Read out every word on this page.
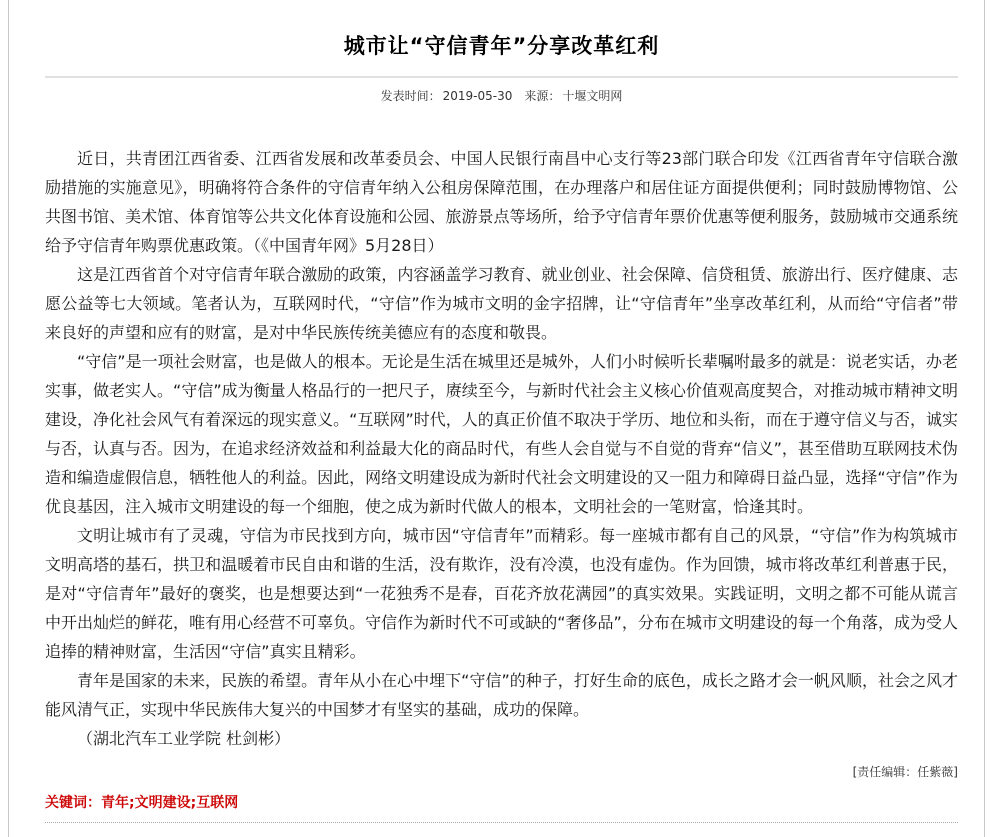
城市让“守信青年”分享改革红利
发表时间： 2019-05-30 来源： 十堰文明网

近日，共青团江西省委、江西省发展和改革委员会、中国人民银行南昌中心支行等23部门联合印发《江西省青年守信联合激励措施的实施意见》，明确将符合条件的守信青年纳入公租房保障范围，在办理落户和居住证方面提供便利；同时鼓励博物馆、公共图书馆、美术馆、体育馆等公共文化体育设施和公园、旅游景点等场所，给予守信青年票价优惠等便利服务，鼓励城市交通系统给予守信青年购票优惠政策。（《中国青年网》5月28日）

这是江西省首个对守信青年联合激励的政策，内容涵盖学习教育、就业创业、社会保障、信贷租赁、旅游出行、医疗健康、志愿公益等七大领域。笔者认为，互联网时代，“守信”作为城市文明的金字招牌，让“守信青年”坐享改革红利，从而给“守信者”带来良好的声望和应有的财富，是对中华民族传统美德应有的态度和敬畏。

“守信”是一项社会财富，也是做人的根本。无论是生活在城里还是城外，人们小时候听长辈嘱咐最多的就是：说老实话，办老实事，做老实人。“守信”成为衡量人格品行的一把尺子，赓续至今，与新时代社会主义核心价值观高度契合，对推动城市精神文明建设，净化社会风气有着深远的现实意义。“互联网”时代，人的真正价值不取决于学历、地位和头衔，而在于遵守信义与否，诚实与否，认真与否。因为，在追求经济效益和利益最大化的商品时代，有些人会自觉与不自觉的背弃“信义”，甚至借助互联网技术伪造和编造虚假信息，牺牲他人的利益。因此，网络文明建设成为新时代社会文明建设的又一阻力和障碍日益凸显，选择“守信”作为优良基因，注入城市文明建设的每一个细胞，使之成为新时代做人的根本，文明社会的一笔财富，恰逢其时。

文明让城市有了灵魂，守信为市民找到方向，城市因“守信青年”而精彩。每一座城市都有自己的风景，“守信”作为构筑城市文明高塔的基石，拱卫和温暖着市民自由和谐的生活，没有欺诈，没有冷漠，也没有虚伪。作为回馈，城市将改革红利普惠于民，是对“守信青年”最好的褒奖，也是想要达到“一花独秀不是春，百花齐放花满园”的真实效果。实践证明，文明之都不可能从谎言中开出灿烂的鲜花，唯有用心经营不可辜负。守信作为新时代不可或缺的“奢侈品”，分布在城市文明建设的每一个角落，成为受人追捧的精神财富，生活因“守信”真实且精彩。

青年是国家的未来，民族的希望。青年从小在心中埋下“守信”的种子，打好生命的底色，成长之路才会一帆风顺，社会之风才能风清气正，实现中华民族伟大复兴的中国梦才有坚实的基础，成功的保障。

（湖北汽车工业学院 杜剑彬）

[责任编辑：任紫薇]
关键词：青年;文明建设;互联网
